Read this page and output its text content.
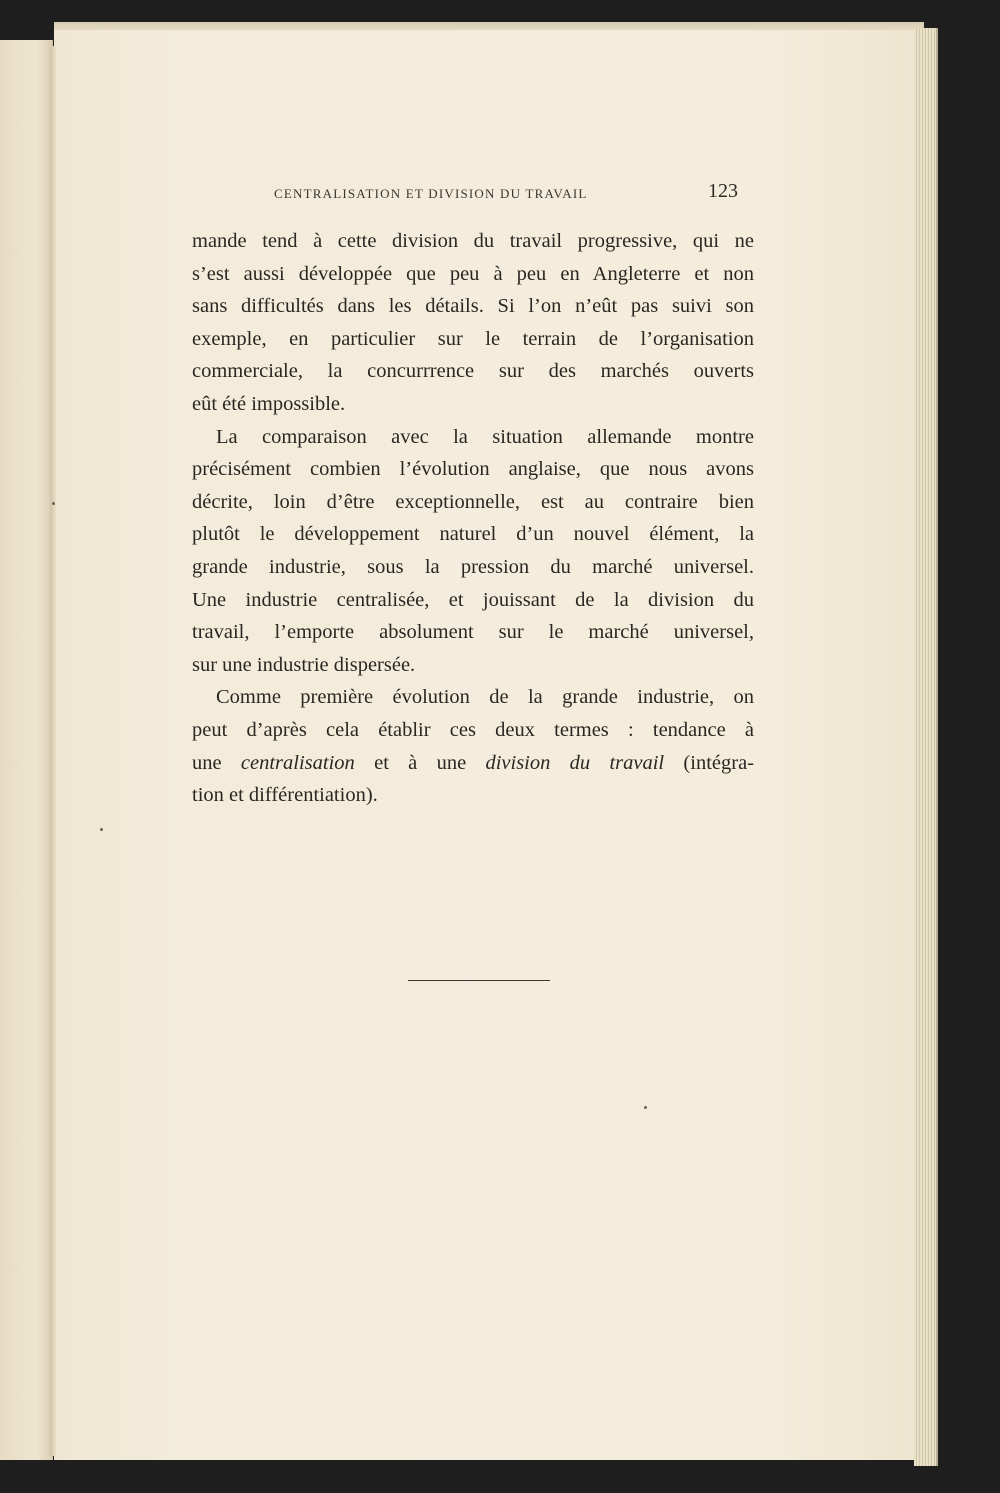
CENTRALISATION ET DIVISION DU TRAVAIL	123
mande tend à cette division du travail progressive, qui ne
s’est aussi développée que peu à peu en Angleterre et non
sans difficultés dans les détails. Si l’on n’eût pas suivi son
exemple, en particulier sur le terrain de l’organisation
commerciale, la concurrrence sur des marchés ouverts
eût été impossible.
La comparaison avec la situation allemande montre
précisément combien l’évolution anglaise, que nous avons
décrite, loin d’être exceptionnelle, est au contraire bien
plutôt le développement naturel d’un nouvel élément, la
grande industrie, sous la pression du marché universel.
Une industrie centralisée, et jouissant de la division du
travail, l’emporte absolument sur le marché universel,
sur une industrie dispersée.
Comme première évolution de la grande industrie, on
peut d’après cela établir ces deux termes : tendance à
une centralisation et à une division du travail (intégra-
tion et différentiation).
